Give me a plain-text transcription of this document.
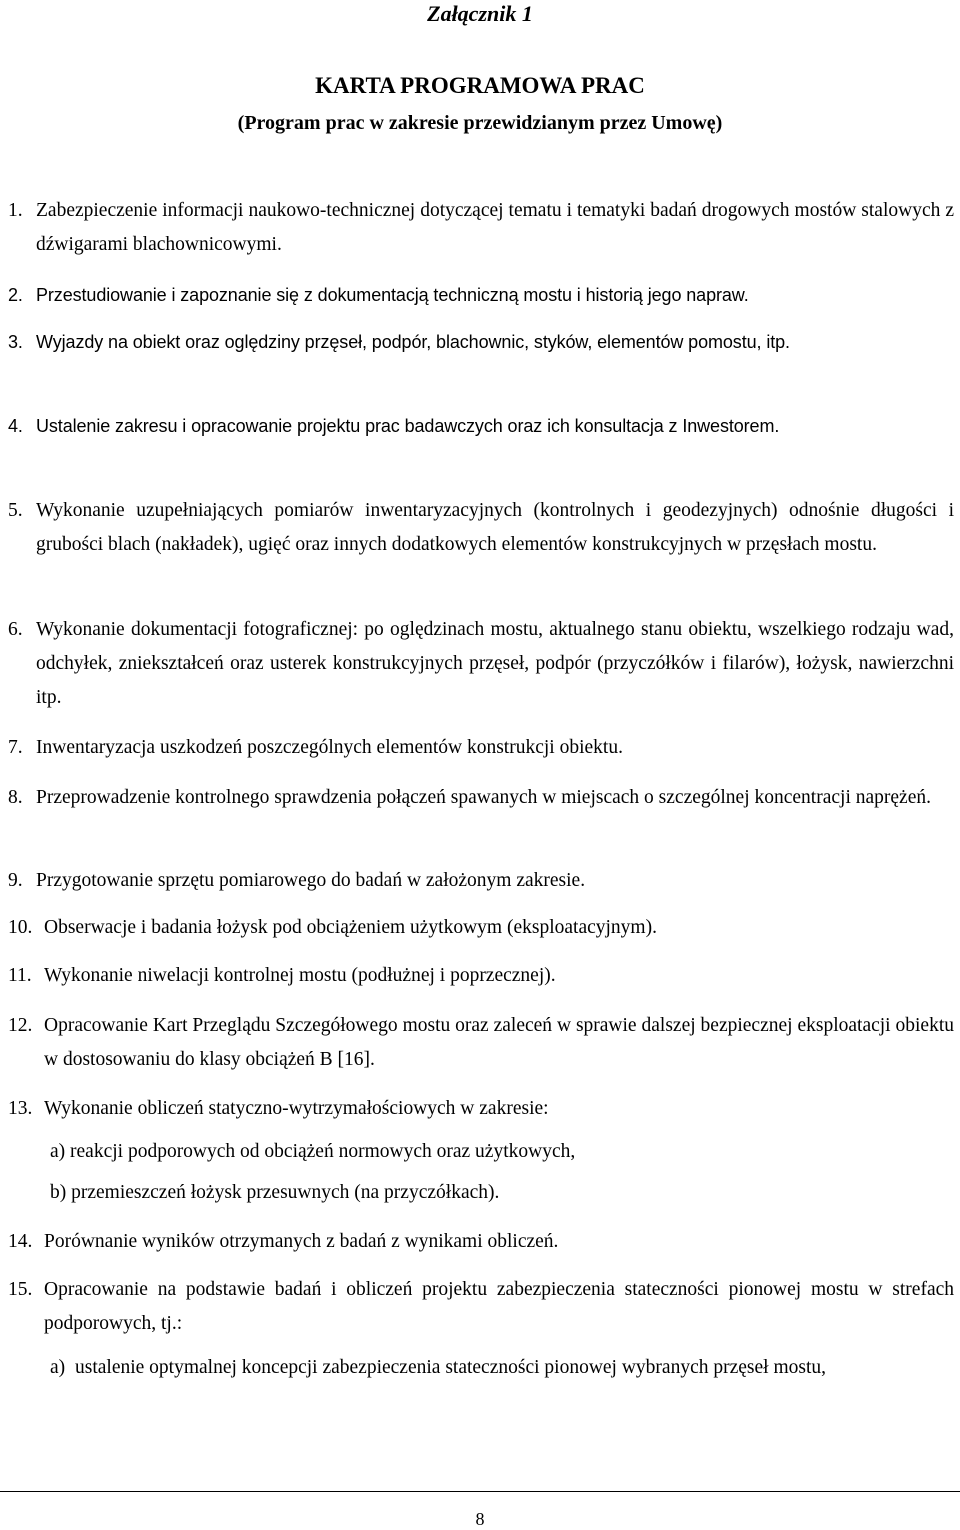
Załącznik 1
KARTA PROGRAMOWA PRAC
(Program prac w zakresie przewidzianym przez Umowę)
1. Zabezpieczenie informacji naukowo-technicznej dotyczącej tematu i tematyki badań drogowych mostów stalowych z dźwigarami blachownicowymi.
2. Przestudiowanie i zapoznanie się z dokumentacją techniczną mostu i historią jego napraw.
3. Wyjazdy na obiekt oraz oględziny przęseł, podpór, blachownic, styków, elementów pomostu, itp.
4. Ustalenie zakresu i opracowanie projektu prac badawczych oraz ich konsultacja z Inwestorem.
5. Wykonanie uzupełniających pomiarów inwentaryzacyjnych (kontrolnych i geodezyjnych) odnośnie długości i grubości blach (nakładek), ugięć oraz innych dodatkowych elementów konstrukcyjnych w przęsłach mostu.
6. Wykonanie dokumentacji fotograficznej: po oględzinach mostu, aktualnego stanu obiektu, wszelkiego rodzaju wad, odchyłek, zniekształceń oraz usterek konstrukcyjnych przęseł, podpór (przyczółków i filarów), łożysk, nawierzchni itp.
7. Inwentaryzacja uszkodzeń poszczególnych elementów konstrukcji obiektu.
8. Przeprowadzenie kontrolnego sprawdzenia połączeń spawanych w miejscach o szczególnej koncentracji naprężeń.
9. Przygotowanie sprzętu pomiarowego do badań w założonym zakresie.
10. Obserwacje i badania łożysk pod obciążeniem użytkowym (eksploatacyjnym).
11. Wykonanie niwelacji kontrolnej mostu (podłużnej i poprzecznej).
12. Opracowanie Kart Przeglądu Szczegółowego mostu oraz zaleceń w sprawie dalszej bezpiecznej eksploatacji obiektu w dostosowaniu do klasy obciążeń B [16].
13. Wykonanie obliczeń statyczno-wytrzymałościowych w zakresie:
a) reakcji podporowych od obciążeń normowych oraz użytkowych,
b) przemieszczeń łożysk przesuwnych (na przyczółkach).
14. Porównanie wyników otrzymanych z badań z wynikami obliczeń.
15. Opracowanie na podstawie badań i obliczeń projektu zabezpieczenia stateczności pionowej mostu w strefach podporowych, tj.:
a) ustalenie optymalnej koncepcji zabezpieczenia stateczności pionowej wybranych przęseł mostu,
8
